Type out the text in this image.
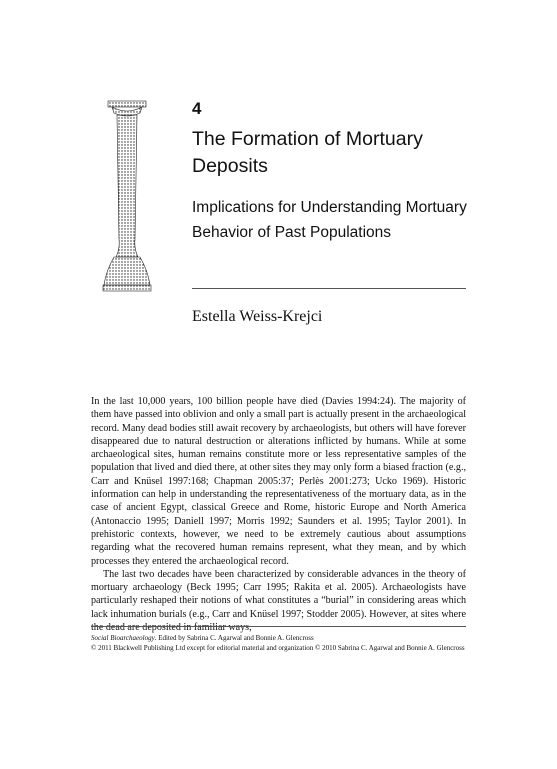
4
The Formation of Mortuary Deposits
Implications for Understanding Mortuary Behavior of Past Populations
Estella Weiss-Krejci

In the last 10,000 years, 100 billion people have died (Davies 1994:24). The majority of them have passed into oblivion and only a small part is actually present in the archaeological record. Many dead bodies still await recovery by archaeologists, but others will have forever disappeared due to natural destruction or alterations inflicted by humans. While at some archaeological sites, human remains constitute more or less representative samples of the population that lived and died there, at other sites they may only form a biased fraction (e.g., Carr and Knüsel 1997:168; Chapman 2005:37; Perlès 2001:273; Ucko 1969). Historic information can help in understanding the representativeness of the mortuary data, as in the case of ancient Egypt, classical Greece and Rome, historic Europe and North America (Antonaccio 1995; Daniell 1997; Morris 1992; Saunders et al. 1995; Taylor 2001). In prehistoric contexts, however, we need to be extremely cautious about assumptions regarding what the recovered human remains represent, what they mean, and by which processes they entered the archaeological record.

The last two decades have been characterized by considerable advances in the theory of mortuary archaeology (Beck 1995; Carr 1995; Rakita et al. 2005). Archaeologists have particularly reshaped their notions of what constitutes a “burial” in considering areas which lack inhumation burials (e.g., Carr and Knüsel 1997; Stodder 2005). However, at sites where the dead are deposited in familiar ways,

Social Bioarchaeology. Edited by Sabrina C. Agarwal and Bonnie A. Glencross
© 2011 Blackwell Publishing Ltd except for editorial material and organization © 2010 Sabrina C. Agarwal and Bonnie A. Glencross
